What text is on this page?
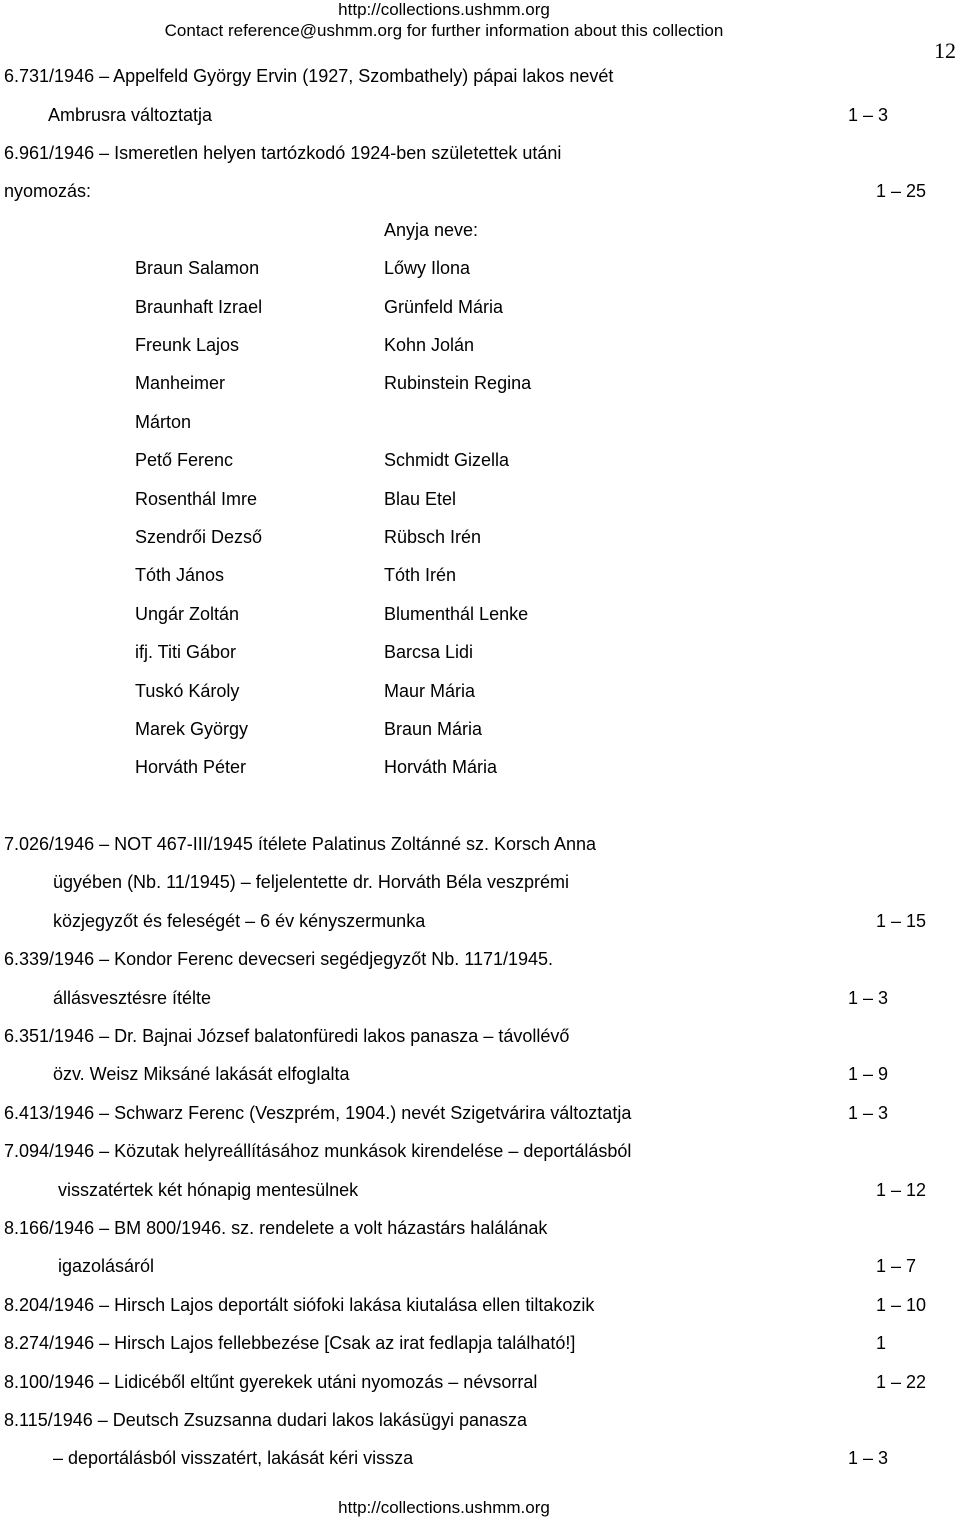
http://collections.ushmm.org
Contact reference@ushmm.org for further information about this collection
12
6.731/1946 – Appelfeld György Ervin (1927, Szombathely) pápai lakos nevét
Ambrusra változtatja	1 – 3
6.961/1946 – Ismeretlen helyen tartózkodó 1924-ben születettek utáni
nyomozás:	1 – 25
Anyja neve:
Braun Salamon	Lőwy Ilona
Braunhaft Izrael	Grünfeld Mária
Freunk Lajos	Kohn Jolán
Manheimer	Rubinstein Regina
Márton
Pető Ferenc	Schmidt Gizella
Rosenthál Imre	Blau Etel
Szendrői Dezső	Rübsch Irén
Tóth János	Tóth Irén
Ungár Zoltán	Blumenthál Lenke
ifj. Titi Gábor	Barcsa Lidi
Tuskó Károly	Maur Mária
Marek György	Braun Mária
Horváth Péter	Horváth Mária
7.026/1946 – NOT 467-III/1945 ítélete Palatinus Zoltánné sz. Korsch Anna
ügyében (Nb. 11/1945) – feljelentette dr. Horváth Béla veszprémi
közjegyzőt és feleségét – 6 év kényszermunka	1 – 15
6.339/1946 – Kondor Ferenc devecseri segédjegyzőt Nb. 1171/1945.
állásvesztésre ítélte	1 – 3
6.351/1946 – Dr. Bajnai József balatonfüredi lakos panasza – távollévő
özv. Weisz Miksáné lakását elfoglalta	1 – 9
6.413/1946 – Schwarz Ferenc (Veszprém, 1904.) nevét Szigetvárira változtatja	1 – 3
7.094/1946 – Közutak helyreállításához munkások kirendelése – deportálásból
visszatértek két hónapig mentesülnek	1 – 12
8.166/1946 – BM 800/1946. sz. rendelete a volt házastárs halálának
igazolásáról	1 – 7
8.204/1946 – Hirsch Lajos deportált siófoki lakása kiutalása ellen tiltakozik	1 – 10
8.274/1946 – Hirsch Lajos fellebbezése [Csak az irat fedlapja található!]	1
8.100/1946 – Lidicéből eltűnt gyerekek utáni nyomozás – névsorral	1 – 22
8.115/1946 – Deutsch Zsuzsanna dudari lakos lakásügyi panasza
– deportálásból visszatért, lakását kéri vissza	1 – 3
http://collections.ushmm.org
